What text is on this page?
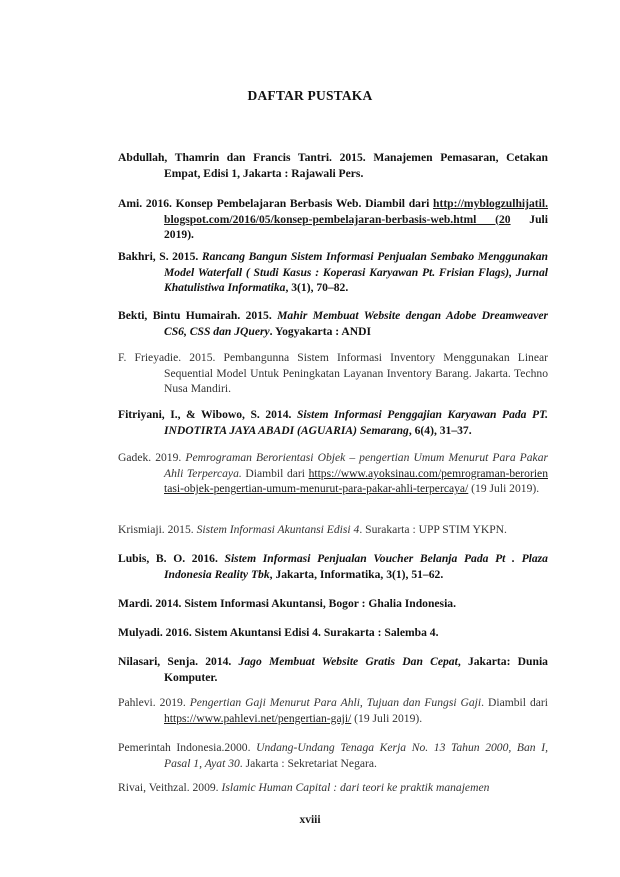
DAFTAR PUSTAKA
Abdullah, Thamrin dan Francis Tantri. 2015. Manajemen Pemasaran, Cetakan Empat, Edisi 1, Jakarta : Rajawali Pers.
Ami. 2016. Konsep Pembelajaran Berbasis Web. Diambil dari http://myblogzulhijatil.blogspot.com/2016/05/konsep-pembelajaran-berbasis-web.html (20 Juli 2019).
Bakhri, S. 2015. Rancang Bangun Sistem Informasi Penjualan Sembako Menggunakan Model Waterfall ( Studi Kasus : Koperasi Karyawan Pt. Frisian Flags), Jurnal Khatulistiwa Informatika, 3(1), 70–82.
Bekti, Bintu Humairah. 2015. Mahir Membuat Website dengan Adobe Dreamweaver CS6, CSS dan JQuery. Yogyakarta : ANDI
F. Frieyadie. 2015. Pembangunna Sistem Informasi Inventory Menggunakan Linear Sequential Model Untuk Peningkatan Layanan Inventory Barang. Jakarta. Techno Nusa Mandiri.
Fitriyani, I., & Wibowo, S. 2014. Sistem Informasi Penggajian Karyawan Pada PT. INDOTIRTA JAYA ABADI (AGUARIA) Semarang, 6(4), 31–37.
Gadek. 2019. Pemrograman Berorientasi Objek – pengertian Umum Menurut Para Pakar Ahli Terpercaya. Diambil dari https://www.ayoksinau.com/pemrograman-berorientasi-objek-pengertian-umum-menurut-para-pakar-ahli-terpercaya/ (19 Juli 2019).
Krismiaji. 2015. Sistem Informasi Akuntansi Edisi 4. Surakarta : UPP STIM YKPN.
Lubis, B. O. 2016. Sistem Informasi Penjualan Voucher Belanja Pada Pt . Plaza Indonesia Reality Tbk, Jakarta, Informatika, 3(1), 51–62.
Mardi. 2014. Sistem Informasi Akuntansi, Bogor : Ghalia Indonesia.
Mulyadi. 2016. Sistem Akuntansi Edisi 4. Surakarta : Salemba 4.
Nilasari, Senja. 2014. Jago Membuat Website Gratis Dan Cepat, Jakarta: Dunia Komputer.
Pahlevi. 2019. Pengertian Gaji Menurut Para Ahli, Tujuan dan Fungsi Gaji. Diambil dari https://www.pahlevi.net/pengertian-gaji/ (19 Juli 2019).
Pemerintah Indonesia.2000. Undang-Undang Tenaga Kerja No. 13 Tahun 2000, Ban I, Pasal 1, Ayat 30. Jakarta : Sekretariat Negara.
Rivai, Veithzal. 2009. Islamic Human Capital : dari teori ke praktik manajemen
xviii
